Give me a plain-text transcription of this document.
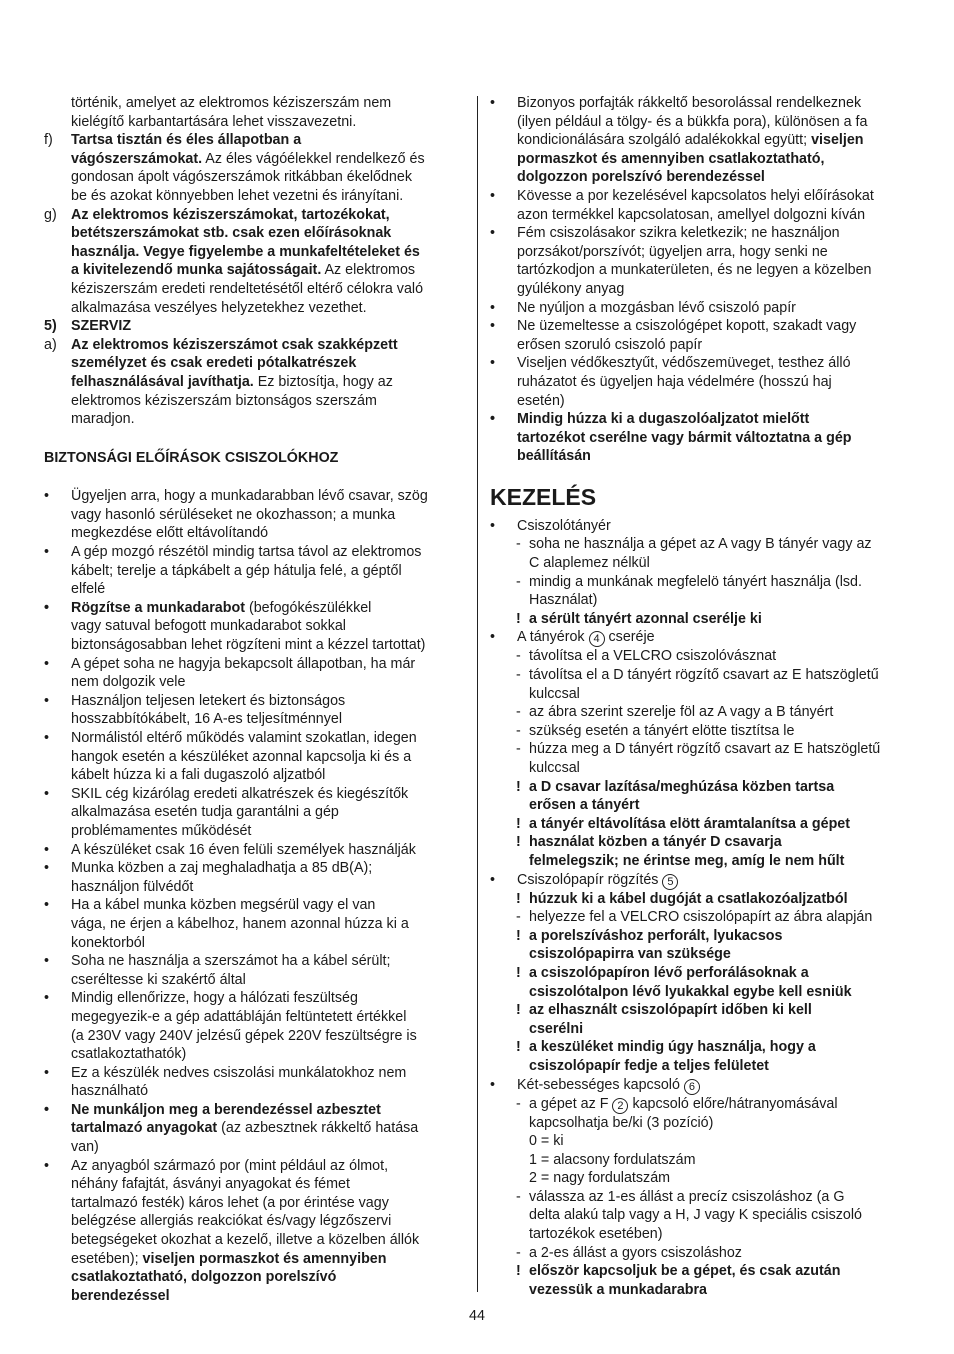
történik, amelyet az elektromos kéziszerszám nem
kielégítő karbantartására lehet visszavezetni.
f) Tartsa tisztán és éles állapotban a
vágószerszámokat. Az éles vágóélekkel rendelkező és
gondosan ápolt vágószerszámok ritkábban ékelődnek
be és azokat könnyebben lehet vezetni és irányítani.
g) Az elektromos kéziszerszámokat, tartozékokat,
betétszerszámokat stb. csak ezen előírásoknak
használja. Vegye figyelembe a munkafeltételeket és
a kivitelezendő munka sajátosságait. Az elektromos
kéziszerszám eredeti rendeltetésétől eltérő célokra való
alkalmazása veszélyes helyzetekhez vezethet.
5) SZERVIZ
a) Az elektromos kéziszerszámot csak szakképzett
személyzet és csak eredeti pótalkatrészek
felhasználásával javíthatja. Ez biztosítja, hogy az
elektromos kéziszerszám biztonságos szerszám
maradjon.
BIZTONSÁGI ELŐÍRÁSOK CSISZOLÓKHOZ
• Ügyeljen arra, hogy a munkadarabban lévő csavar, szög
vagy hasonló sérüléseket ne okozhasson; a munka
megkezdése előtt eltávolítandó
• A gép mozgó részétöl mindig tartsa távol az elektromos
kábelt; terelje a tápkábelt a gép hátulja felé, a géptől
elfelé
• Rögzítse a munkadarabot (befogókészülékkel
vagy satuval befogott munkadarabot sokkal
biztonságosabban lehet rögzíteni mint a kézzel tartottat)
• A gépet soha ne hagyja bekapcsolt állapotban, ha már
nem dolgozik vele
• Használjon teljesen letekert és biztonságos
hosszabbítókábelt, 16 A-es teljesítménnyel
• Normálistól eltérő működés valamint szokatlan, idegen
hangok esetén a készüléket azonnal kapcsolja ki és a
kábelt húzza ki a fali dugaszoló aljzatból
• SKIL cég kizárólag eredeti alkatrészek és kiegészítők
alkalmazása esetén tudja garantálni a gép
problémamentes működését
• A készüléket csak 16 éven felüli személyek használják
• Munka közben a zaj meghaladhatja a 85 dB(A);
használjon fülvédőt
• Ha a kábel munka közben megsérül vagy el van
vága, ne érjen a kábelhoz, hanem azonnal húzza ki a
konektorból
• Soha ne használja a szerszámot ha a kábel sérült;
cseréltesse ki szakértő által
• Mindig ellenőrizze, hogy a hálózati feszültség
megegyezik-e a gép adattábláján feltüntetett értékkel
(a 230V vagy 240V jelzésű gépek 220V feszültségre is
csatlakoztathatók)
• Ez a készülék nedves csiszolási munkálatokhoz nem
használható
• Ne munkáljon meg a berendezéssel azbesztet
tartalmazó anyagokat (az azbesztnek rákkeltő hatása
van)
• Az anyagból származó por (mint például az ólmot,
néhány fafajtát, ásványi anyagokat és fémet
tartalmazó festék) káros lehet (a por érintése vagy
belégzése allergiás reakciókat és/vagy légzőszervi
betegségeket okozhat a kezelő, illetve a közelben állók
esetében); viseljen pormaszkot és amennyiben
csatlakoztatható, dolgozzon porelszívó
berendezéssel
• Bizonyos porfajták rákkeltő besorolással rendelkeznek
(ilyen például a tölgy- és a bükkfa pora), különösen a fa
kondicionálására szolgáló adalékokkal együtt; viseljen
pormaszkot és amennyiben csatlakoztatható,
dolgozzon porelszívó berendezéssel
• Kövesse a por kezelésével kapcsolatos helyi előírásokat
azon termékkel kapcsolatosan, amellyel dolgozni kíván
• Fém csiszolásakor szikra keletkezik; ne használjon
porzsákot/porszívót; ügyeljen arra, hogy senki ne
tartózkodjon a munkaterületen, és ne legyen a közelben
gyúlékony anyag
• Ne nyúljon a mozgásban lévő csiszoló papír
• Ne üzemeltesse a csiszológépet kopott, szakadt vagy
erősen szoruló csiszoló papír
• Viseljen védőkesztyűt, védőszemüveget, testhez álló
ruházatot és ügyeljen haja védelmére (hosszú haj
esetén)
• Mindig húzza ki a dugaszolóaljzatot mielőtt
tartozékot cserélne vagy bármit változtatna a gép
beállításán
KEZELÉS
•	Csiszolótányér
- soha ne használja a gépet az A vagy B tányér vagy az
C alaplemez nélkül
- mindig a munkának megfelelö tányért használja (lsd.
Használat)
! a sérült tányért azonnal cserélje ki
•	A tányérok 4 cseréje
- távolítsa el a VELCRO csiszolóvásznat
- távolítsa el a D tányért rögzítő csavart az E hatszögletű
kulccsal
- az ábra szerint szerelje föl az A vagy a B tányért
- szükség esetén a tányért elötte tisztítsa le
- húzza meg a D tányért rögzítő csavart az E hatszögletű
kulccsal
! a D csavar lazítása/meghúzása közben tartsa
erősen a tányért
! a tányér eltávolítása elött áramtalanítsa a gépet
! használat közben a tányér D csavarja
felmelegszik; ne érintse meg, amíg le nem hűlt
•	Csiszolópapír rögzítés 5
! húzzuk ki a kábel dugóját a csatlakozóaljzatból
- helyezze fel a VELCRO csiszolópapírt az ábra alapján
! a porelszíváshoz perforált, lyukacsos
csiszolópapirra van szüksége
! a csiszolópapíron lévő perforálásoknak a
csiszolótalpon lévő lyukakkal egybe kell esniük
! az elhasznált csiszolópapírt időben ki kell
cserélni
! a keszüléket mindig úgy használja, hogy a
csiszolópapír fedje a teljes felületet
•	Két-sebességes kapcsoló 6
- a gépet az F 2 kapcsoló előre/hátranyomásával
kapcsolhatja be/ki (3 pozíció)
0 = ki
1 = alacsony fordulatszám
2 = nagy fordulatszám
- válassza az 1-es állást a precíz csiszoláshoz (a G
delta alakú talp vagy a H, J vagy K speciális csiszoló
tartozékok esetében)
- a 2-es állást a gyors csiszoláshoz
! először kapcsoljuk be a gépet, és csak azután
vezessük a munkadarabra
44
